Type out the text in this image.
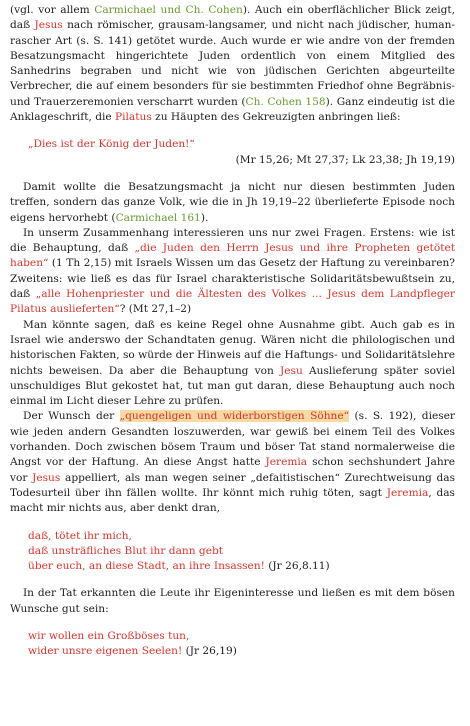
(vgl. vor allem Carmichael und Ch. Cohen). Auch ein oberflächlicher Blick zeigt, daß Jesus nach römischer, grausam-langsamer, und nicht nach jüdischer, human-rascher Art (s. S. 141) getötet wurde. Auch wurde er wie andre von der fremden Besatzungsmacht hingerichtete Juden ordentlich von einem Mitglied des Sanhedrins begraben und nicht wie von jüdischen Gerichten abgeurteilte Verbrecher, die auf einem besonders für sie bestimmten Friedhof ohne Begräbnis- und Trauerzeremonien verscharrt wurden (Ch. Cohen 158). Ganz eindeutig ist die Anklageschrift, die Pilatus zu Häupten des Gekreuzigten anbringen ließ:

„Dies ist der König der Juden!“
(Mr 15,26; Mt 27,37; Lk 23,38; Jh 19,19)

Damit wollte die Besatzungsmacht ja nicht nur diesen bestimmten Juden treffen, sondern das ganze Volk, wie die in Jh 19,19–22 überlieferte Episode noch eigens hervorhebt (Carmichael 161).

In unserm Zusammenhang interessieren uns nur zwei Fragen. Erstens: wie ist die Behauptung, daß „die Juden den Herrn Jesus und ihre Propheten getötet haben“ (1 Th 2,15) mit Israels Wissen um das Gesetz der Haftung zu vereinbaren? Zweitens: wie ließ es das für Israel charakteristische Solidaritätsbewußtsein zu, daß „alle Hohenpriester und die Ältesten des Volkes ... Jesus dem Landpfleger Pilatus auslieferten“? (Mt 27,1–2)

Man könnte sagen, daß es keine Regel ohne Ausnahme gibt. Auch gab es in Israel wie anderswo der Schandtaten genug. Wären nicht die philologischen und historischen Fakten, so würde der Hinweis auf die Haftungs- und Solidaritätslehre nichts beweisen. Da aber die Behauptung von Jesu Auslieferung später soviel unschuldiges Blut gekostet hat, tut man gut daran, diese Behauptung auch noch einmal im Licht dieser Lehre zu prüfen.

Der Wunsch der „quengeligen und widerborstigen Söhne“ (s. S. 192), dieser wie jeden andern Gesandten loszuwerden, war gewiß bei einem Teil des Volkes vorhanden. Doch zwischen bösem Traum und böser Tat stand normalerweise die Angst vor der Haftung. An diese Angst hatte Jeremia schon sechshundert Jahre vor Jesus appelliert, als man wegen seiner „defaitistischen“ Zurechtweisung das Todesurteil über ihn fällen wollte. Ihr könnt mich ruhig töten, sagt Jeremia, das macht mir nichts aus, aber denkt dran,

daß, tötet ihr mich,
daß unsträfliches Blut ihr dann gebt
über euch, an diese Stadt, an ihre Insassen! (Jr 26,8.11)

In der Tat erkannten die Leute ihr Eigeninteresse und ließen es mit dem bösen Wunsche gut sein:

wir wollen ein Großböses tun,
wider unsre eigenen Seelen! (Jr 26,19)
